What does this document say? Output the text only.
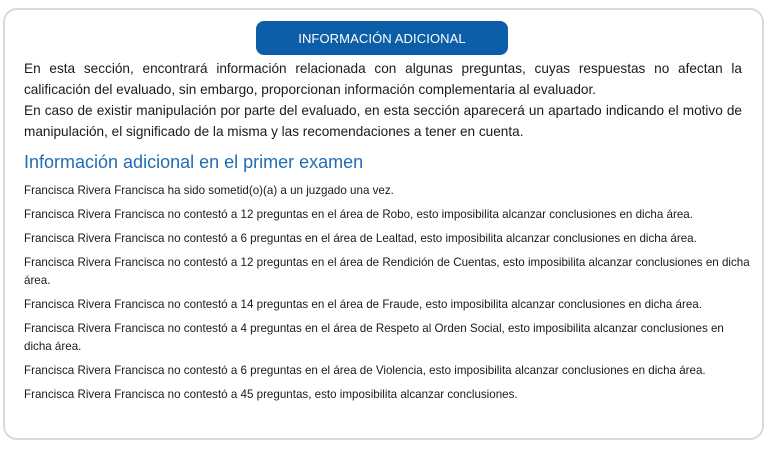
INFORMACIÓN ADICIONAL

En esta sección, encontrará información relacionada con algunas preguntas, cuyas respuestas no afectan la calificación del evaluado, sin embargo, proporcionan información complementaria al evaluador.

En caso de existir manipulación por parte del evaluado, en esta sección aparecerá un apartado indicando el motivo de manipulación, el significado de la misma y las recomendaciones a tener en cuenta.

Información adicional en el primer examen

Francisca Rivera Francisca ha sido sometid(o)(a) a un juzgado una vez.

Francisca Rivera Francisca no contestó a 12 preguntas en el área de Robo, esto imposibilita alcanzar conclusiones en dicha área.

Francisca Rivera Francisca no contestó a 6 preguntas en el área de Lealtad, esto imposibilita alcanzar conclusiones en dicha área.

Francisca Rivera Francisca no contestó a 12 preguntas en el área de Rendición de Cuentas, esto imposibilita alcanzar conclusiones en dicha área.

Francisca Rivera Francisca no contestó a 14 preguntas en el área de Fraude, esto imposibilita alcanzar conclusiones en dicha área.

Francisca Rivera Francisca no contestó a 4 preguntas en el área de Respeto al Orden Social, esto imposibilita alcanzar conclusiones en dicha área.

Francisca Rivera Francisca no contestó a 6 preguntas en el área de Violencia, esto imposibilita alcanzar conclusiones en dicha área.

Francisca Rivera Francisca no contestó a 45 preguntas, esto imposibilita alcanzar conclusiones.
